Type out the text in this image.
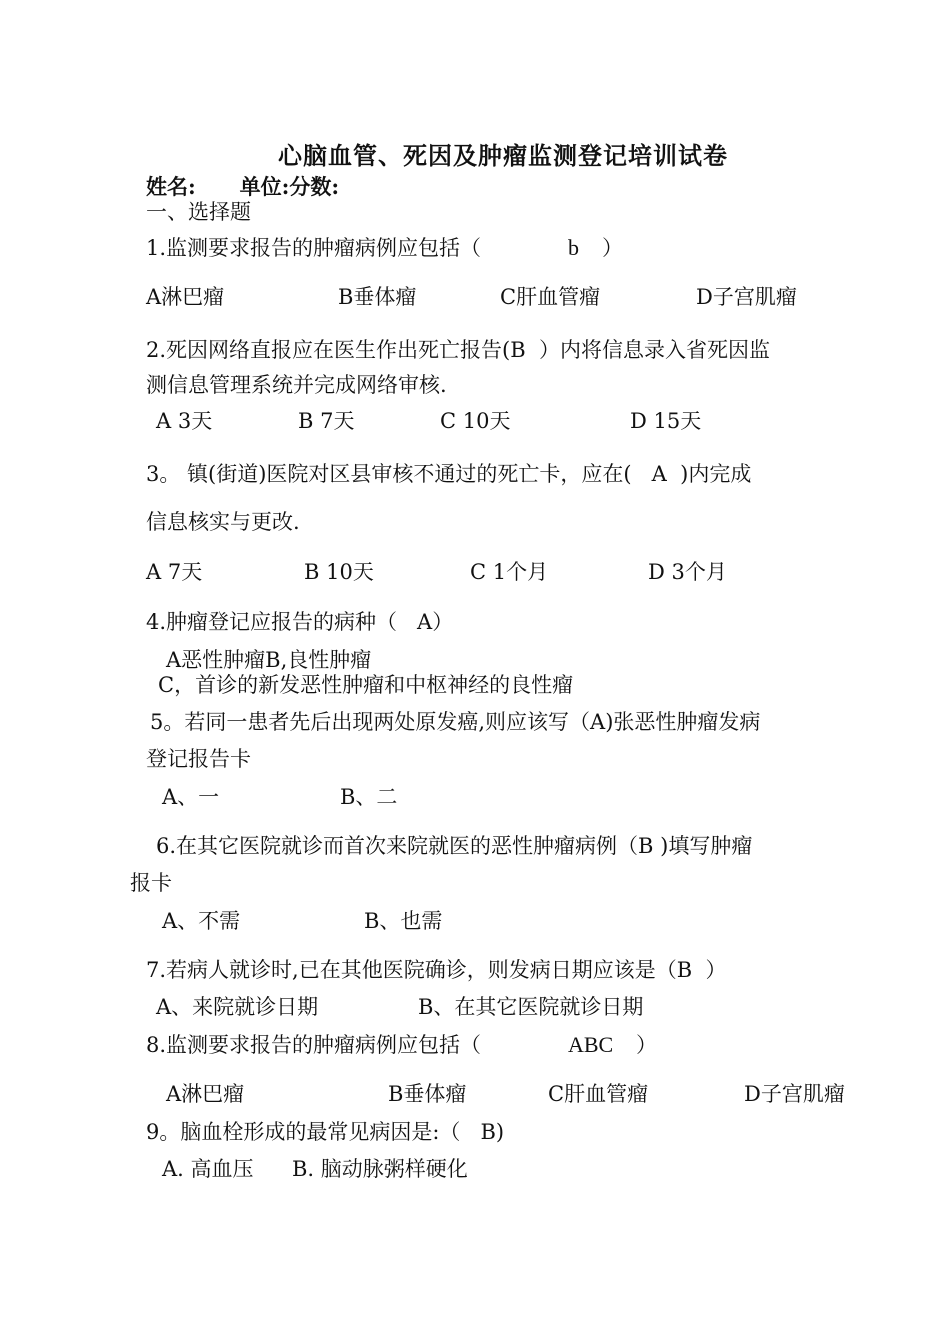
心脑血管、死因及肿瘤监测登记培训试卷
姓名:      单位:分数:
一、选择题
1.监测要求报告的肿瘤病例应包括（	b ）
A淋巴瘤	B垂体瘤	C肝血管瘤	D子宫肌瘤
2.死因网络直报应在医生作出死亡报告(B  ）内将信息录入省死因监
测信息管理系统并完成网络审核.
A 3天	B 7天	C 10天	D 15天
3。 镇(街道)医院对区县审核不通过的死亡卡，应在(   A  )内完成
信息核实与更改.
A 7天	B 10天	C 1个月	D 3个月
4.肿瘤登记应报告的病种（   A）
A恶性肿瘤B,良性肿瘤
C，首诊的新发恶性肿瘤和中枢神经的良性瘤
5。若同一患者先后出现两处原发癌,则应该写（A)张恶性肿瘤发病
登记报告卡
A、一	B、二
6.在其它医院就诊而首次来院就医的恶性肿瘤病例（B )填写肿瘤
报卡
A、不需	B、也需
7.若病人就诊时,已在其他医院确诊，则发病日期应该是（B  ）
A、来院就诊日期	B、在其它医院就诊日期
8.监测要求报告的肿瘤病例应包括（	ABC ）
A淋巴瘤	B垂体瘤	C肝血管瘤	D子宫肌瘤
9。脑血栓形成的最常见病因是:（   B)
A. 高血压 B. 脑动脉粥样硬化
